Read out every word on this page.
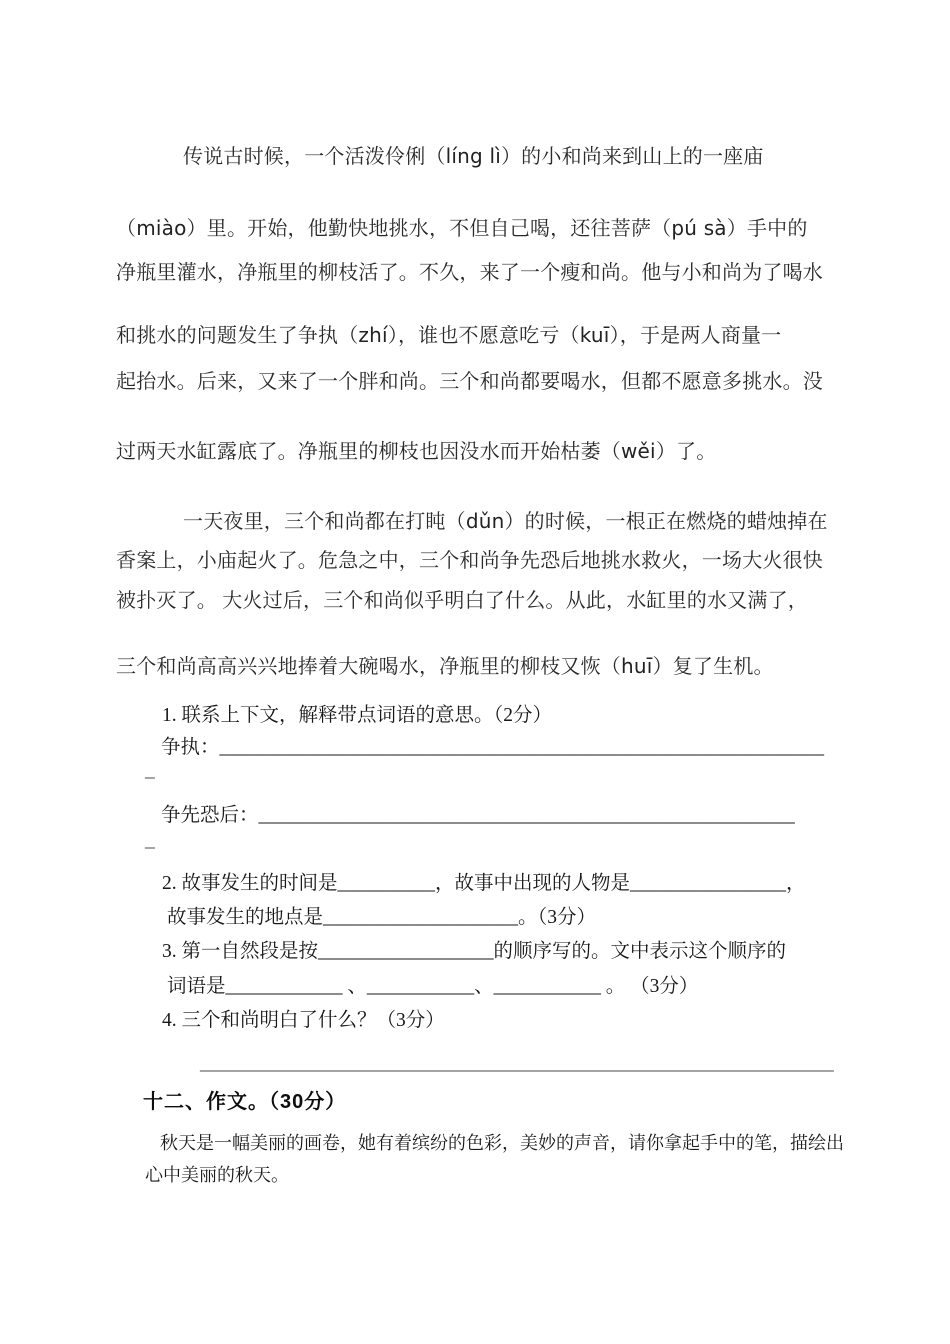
传说古时候，一个活泼伶俐（líng lì）的小和尚来到山上的一座庙
（miào）里。开始，他勤快地挑水，不但自己喝，还往菩萨（pú sà）手中的
净瓶里灌水，净瓶里的柳枝活了。不久，来了一个瘦和尚。他与小和尚为了喝水
和挑水的问题发生了争执（zhí），谁也不愿意吃亏（kuī），于是两人商量一
起抬水。后来，又来了一个胖和尚。三个和尚都要喝水，但都不愿意多挑水。没
过两天水缸露底了。净瓶里的柳枝也因没水而开始枯萎（wěi）了。
一天夜里，三个和尚都在打盹（dǔn）的时候，一根正在燃烧的蜡烛掉在
香案上，小庙起火了。危急之中，三个和尚争先恐后地挑水救火，一场大火很快
被扑灭了。 大火过后，三个和尚似乎明白了什么。从此，水缸里的水又满了，
三个和尚高高兴兴地捧着大碗喝水，净瓶里的柳枝又恢（huī）复了生机。
1. 联系上下文，解释带点词语的意思。（2分）
争执：______________________________________________________________
_
争先恐后：_______________________________________________________
_
2. 故事发生的时间是__________，故事中出现的人物是________________，
故事发生的地点是____________________。（3分）
3. 第一自然段是按__________________的顺序写的。文中表示这个顺序的
词语是____________ 、___________、___________ 。 （3分）
4. 三个和尚明白了什么？（3分）
_________________________________________________________________
十二、作文。（30分）
秋天是一幅美丽的画卷，她有着缤纷的色彩，美妙的声音，请你拿起手中的笔，描绘出
心中美丽的秋天。
